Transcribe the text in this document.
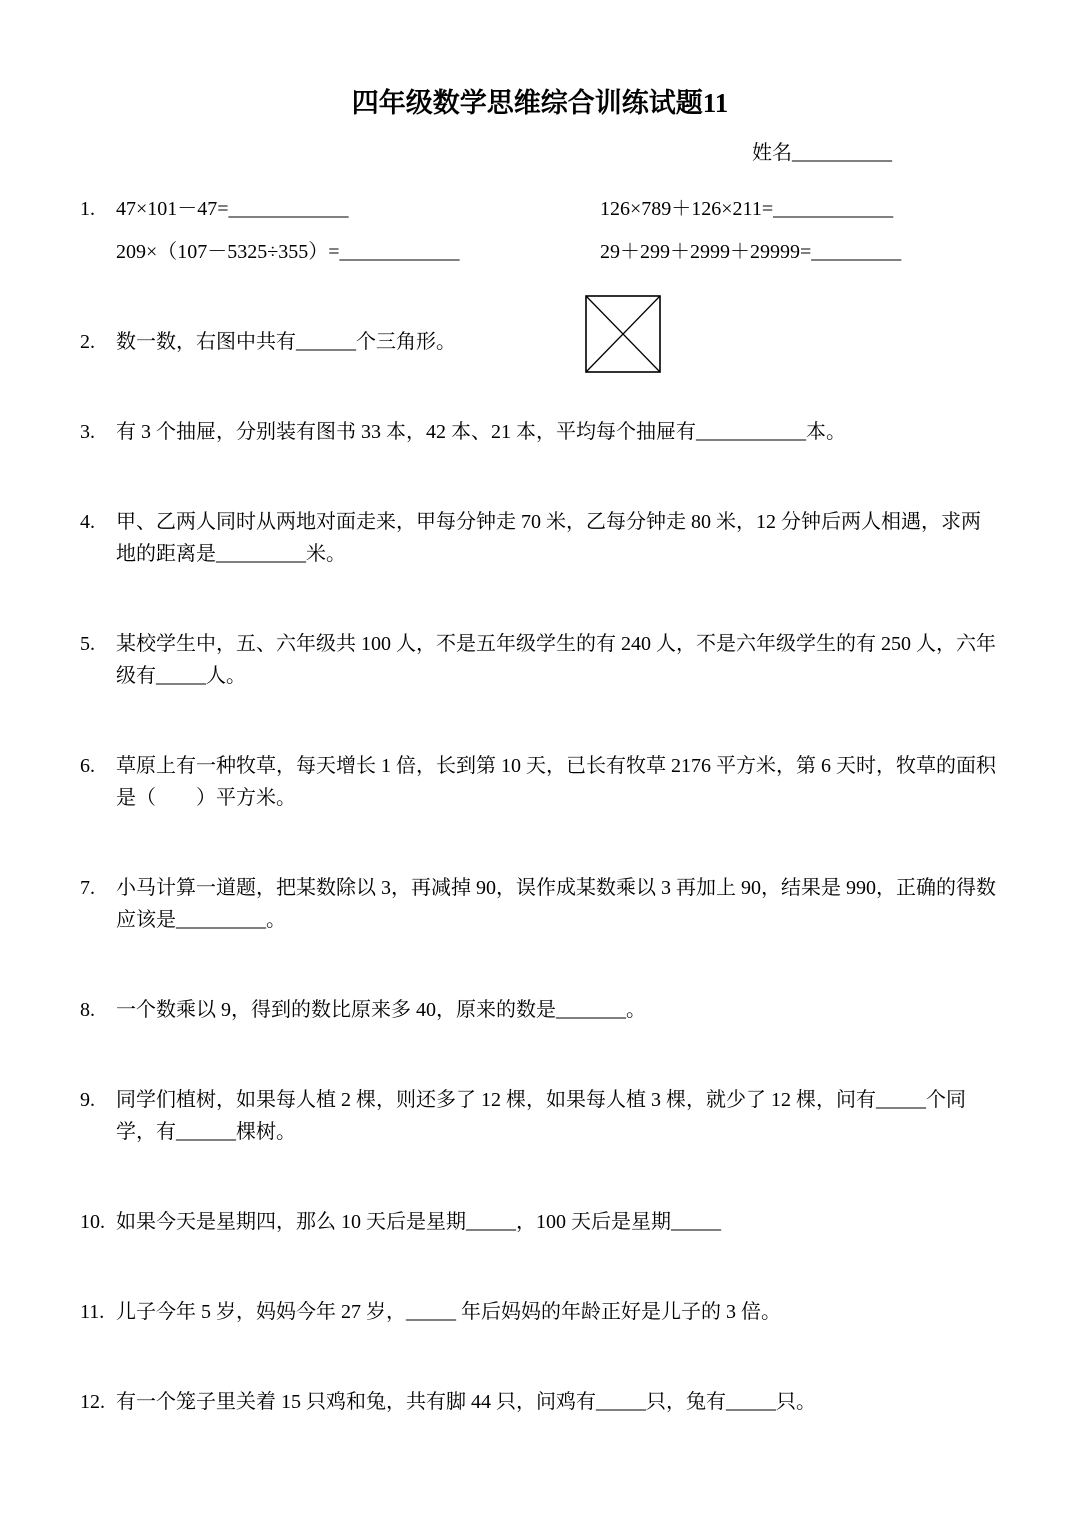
四年级数学思维综合训练试题11
姓名__________
1.	47×101－47=____________	126×789＋126×211=____________
209×（107－5325÷355）=____________	29＋299＋2999＋29999=_________
2.	数一数，右图中共有______个三角形。
3.	有 3 个抽屉，分别装有图书 33 本，42 本、21 本，平均每个抽屉有___________本。
4.	甲、乙两人同时从两地对面走来，甲每分钟走 70 米，乙每分钟走 80 米，12 分钟后两人相遇，求两地的距离是_________米。
5.	某校学生中，五、六年级共 100 人，不是五年级学生的有 240 人，不是六年级学生的有 250 人，六年级有_____人。
6.	草原上有一种牧草，每天增长 1 倍，长到第 10 天，已长有牧草 2176 平方米，第 6 天时，牧草的面积是（　　）平方米。
7.	小马计算一道题，把某数除以 3，再减掉 90，误作成某数乘以 3 再加上 90，结果是 990，正确的得数应该是_________。
8.	一个数乘以 9，得到的数比原来多 40，原来的数是_______。
9.	同学们植树，如果每人植 2 棵，则还多了 12 棵，如果每人植 3 棵，就少了 12 棵，问有_____个同学，有______棵树。
10. 如果今天是星期四，那么 10 天后是星期_____，100 天后是星期_____
11. 儿子今年 5 岁，妈妈今年 27 岁，_____ 年后妈妈的年龄正好是儿子的 3 倍。
12. 有一个笼子里关着 15 只鸡和兔，共有脚 44 只，问鸡有_____只，兔有_____只。
